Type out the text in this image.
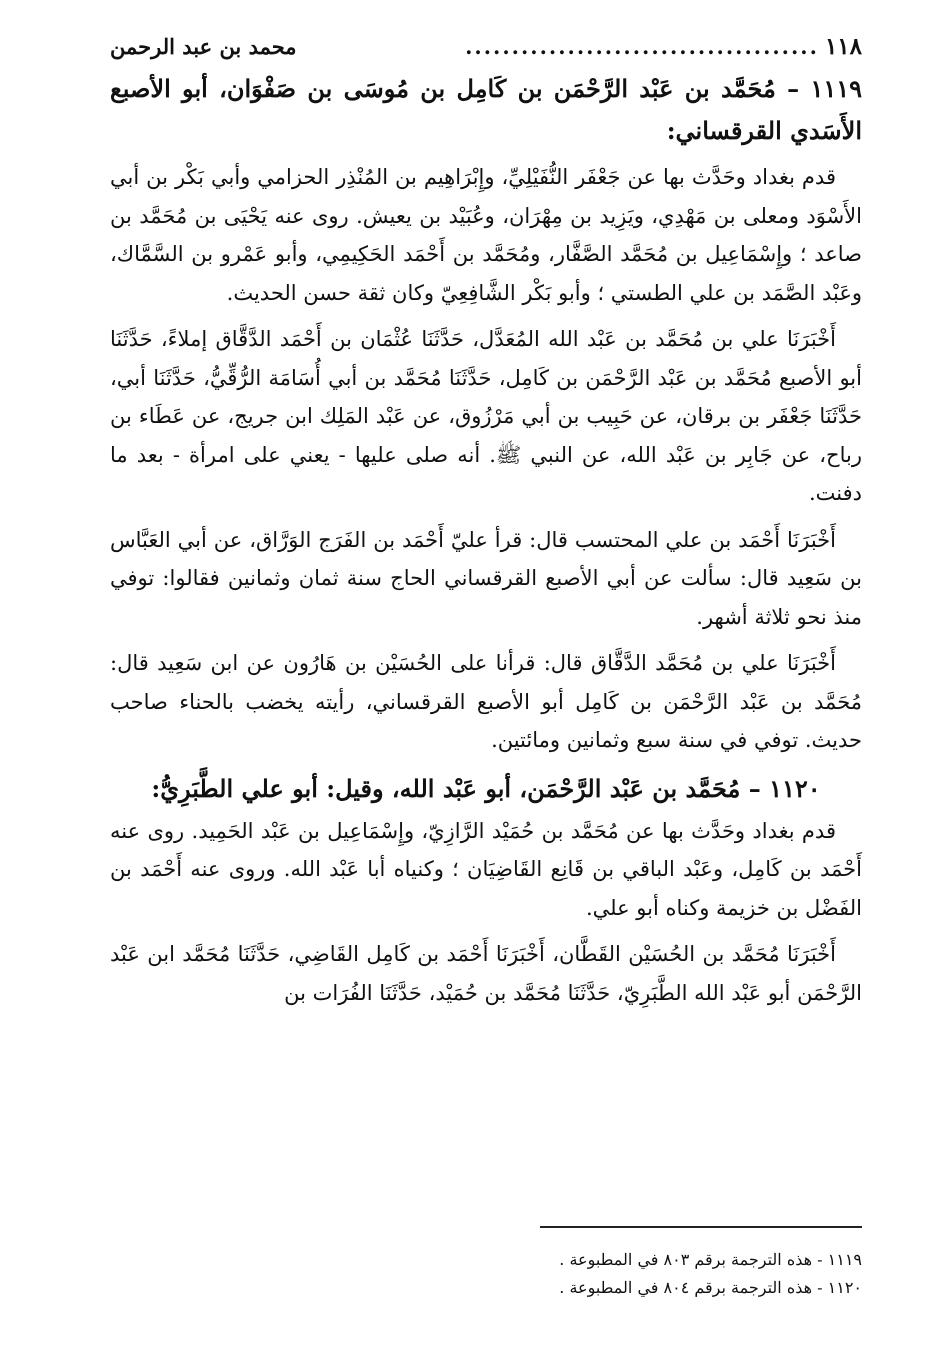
١١٨
......................................
محمد بن عبد الرحمن
١١١٩ – مُحَمَّد بن عَبْد الرَّحْمَن بن كَامِل بن مُوسَى بن صَفْوَان، أبو الأصبع الأَسَدي القرقساني:

قدم بغداد وحَدَّث بها عن جَعْفَر النُّفَيْلِيِّ، وإِبْرَاهِيم بن المُنْذِر الحزامي وأبي بَكْر بن أبي الأَسْوَد ومعلى بن مَهْدِي، ويَزِيد بن مِهْرَان، وعُبَيْد بن يعيش. روى عنه يَحْيَى بن مُحَمَّد بن صاعد ؛ وإِسْمَاعِيل بن مُحَمَّد الصَّفَّار، ومُحَمَّد بن أَحْمَد الحَكِيمِي، وأبو عَمْرو بن السَّمَّاك، وعَبْد الصَّمَد بن علي الطستي ؛ وأبو بَكْر الشَّافِعِيّ وكان ثقة حسن الحديث.

أَخْبَرَنَا علي بن مُحَمَّد بن عَبْد الله المُعَدَّل، حَدَّثَنَا عُثْمَان بن أَحْمَد الدَّقَّاق إملاءً، حَدَّثَنَا أبو الأصبع مُحَمَّد بن عَبْد الرَّحْمَن بن كَامِل، حَدَّثَنَا مُحَمَّد بن أبي أُسَامَة الرُّقِّيُّ، حَدَّثَنَا أبي، حَدَّثَنَا جَعْفَر بن برقان، عن حَبِيب بن أبي مَرْزُوق، عن عَبْد المَلِك ابن جريج، عن عَطَاء بن رباح، عن جَابِر بن عَبْد الله، عن النبي ﷺ. أنه صلى عليها - يعني على امرأة - بعد ما دفنت.

أَخْبَرَنَا أَحْمَد بن علي المحتسب قال: قرأ عليّ أَحْمَد بن الفَرَج الوَرَّاق، عن أبي العَبَّاس بن سَعِيد قال: سألت عن أبي الأصبع القرقساني الحاج سنة ثمان وثمانين فقالوا: توفي منذ نحو ثلاثة أشهر.

أَخْبَرَنَا علي بن مُحَمَّد الدَّقَّاق قال: قرأنا على الحُسَيْن بن هَارُون عن ابن سَعِيد قال: مُحَمَّد بن عَبْد الرَّحْمَن بن كَامِل أبو الأصبع القرقساني، رأيته يخضب بالحناء صاحب حديث. توفي في سنة سبع وثمانين ومائتين.

١١٢٠ – مُحَمَّد بن عَبْد الرَّحْمَن، أبو عَبْد الله، وقيل: أبو علي الطَّبَرِيُّ:

قدم بغداد وحَدَّث بها عن مُحَمَّد بن حُمَيْد الرَّازِيّ، وإِسْمَاعِيل بن عَبْد الحَمِيد. روى عنه أَحْمَد بن كَامِل، وعَبْد الباقي بن قَانِع القَاضِيَان ؛ وكنياه أبا عَبْد الله. وروى عنه أَحْمَد بن الفَضْل بن خزيمة وكناه أبو علي.

أَخْبَرَنَا مُحَمَّد بن الحُسَيْن القَطَّان، أَخْبَرَنَا أَحْمَد بن كَامِل القَاضِي، حَدَّثَنَا مُحَمَّد ابن عَبْد الرَّحْمَن أبو عَبْد الله الطَّبَرِيّ، حَدَّثَنَا مُحَمَّد بن حُمَيْد، حَدَّثَنَا الفُرَات بن

١١١٩ - هذه الترجمة برقم ٨٠٣ في المطبوعة .

١١٢٠ - هذه الترجمة برقم ٨٠٤ في المطبوعة .
